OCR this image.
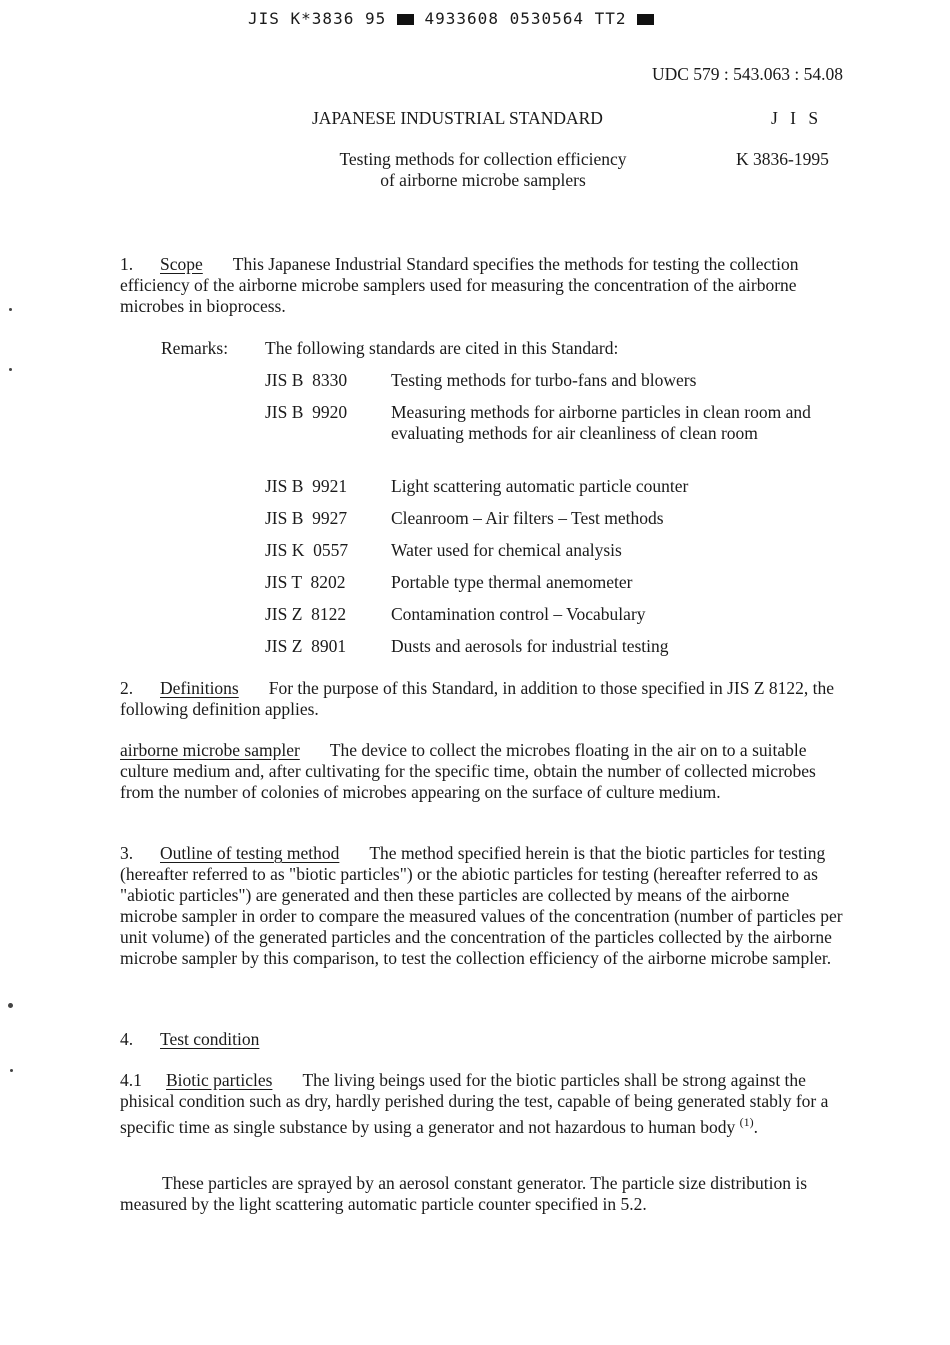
JIS K*3836 95 4933608 0530564 TT2
UDC 579 : 543.063 : 54.08
JAPANESE INDUSTRIAL STANDARD	J I S
Testing methods for collection efficiency
of airborne microbe samplers
K 3836-1995
1. Scope This Japanese Industrial Standard specifies the methods for testing the collection efficiency of the airborne microbe samplers used for measuring the concentration of the airborne microbes in bioprocess.
Remarks: The following standards are cited in this Standard:
JIS B  8330	Testing methods for turbo-fans and blowers
JIS B  9920	Measuring methods for airborne particles in clean room and evaluating methods for air cleanliness of clean room
JIS B  9921	Light scattering automatic particle counter
JIS B  9927	Cleanroom – Air filters – Test methods
JIS K  0557	Water used for chemical analysis
JIS T  8202	Portable type thermal anemometer
JIS Z  8122	Contamination control – Vocabulary
JIS Z  8901	Dusts and aerosols for industrial testing
2. Definitions For the purpose of this Standard, in addition to those specified in JIS Z 8122, the following definition applies.
airborne microbe sampler The device to collect the microbes floating in the air on to a suitable culture medium and, after cultivating for the specific time, obtain the number of collected microbes from the number of colonies of microbes appearing on the surface of culture medium.
3. Outline of testing method The method specified herein is that the biotic particles for testing (hereafter referred to as "biotic particles") or the abiotic particles for testing (hereafter referred to as "abiotic particles") are generated and then these particles are collected by means of the airborne microbe sampler in order to compare the measured values of the concentration (number of particles per unit volume) of the generated particles and the concentration of the particles collected by the airborne microbe sampler by this comparison, to test the collection efficiency of the airborne microbe sampler.
4. Test condition
4.1 Biotic particles The living beings used for the biotic particles shall be strong against the phisical condition such as dry, hardly perished during the test, capable of being generated stably for a specific time as single substance by using a generator and not hazardous to human body $^{(1)}$.
These particles are sprayed by an aerosol constant generator. The particle size distribution is measured by the light scattering automatic particle counter specified in 5.2.
